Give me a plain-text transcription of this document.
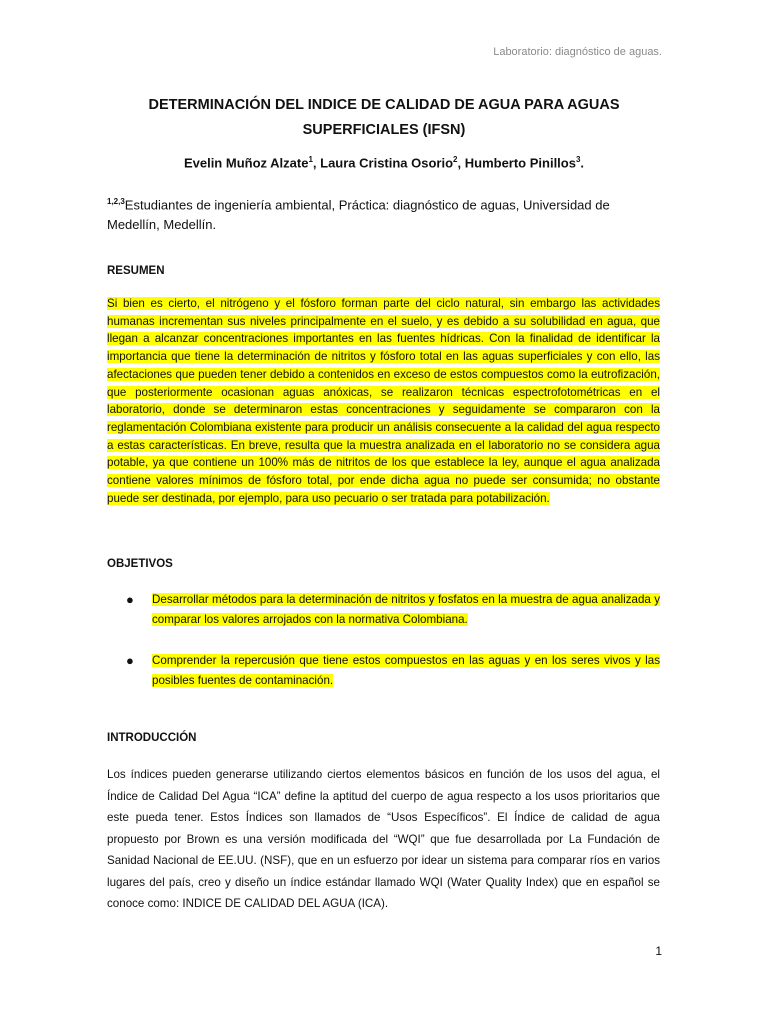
Laboratorio: diagnóstico de aguas.
DETERMINACIÓN DEL INDICE DE CALIDAD DE AGUA PARA AGUAS
SUPERFICIALES (IFSN)
Evelin Muñoz Alzate$^1$, Laura Cristina Osorio$^2$, Humberto Pinillos$^3$.
$^{1,2,3}$Estudiantes de ingeniería ambiental, Práctica: diagnóstico de aguas, Universidad de Medellín, Medellín.
RESUMEN
Si bien es cierto, el nitrógeno y el fósforo forman parte del ciclo natural, sin embargo las actividades humanas incrementan sus niveles principalmente en el suelo, y es debido a su solubilidad en agua, que llegan a alcanzar concentraciones importantes en las fuentes hídricas. Con la finalidad de identificar la importancia que tiene la determinación de nitritos y fósforo total en las aguas superficiales y con ello, las afectaciones que pueden tener debido a contenidos en exceso de estos compuestos como la eutrofización, que posteriormente ocasionan aguas anóxicas, se realizaron técnicas espectrofotométricas en el laboratorio, donde se determinaron estas concentraciones y seguidamente se compararon con la reglamentación Colombiana existente para producir un análisis consecuente a la calidad del agua respecto a estas características. En breve, resulta que la muestra analizada en el laboratorio no se considera agua potable, ya que contiene un 100% más de nitritos de los que establece la ley, aunque el agua analizada contiene valores mínimos de fósforo total, por ende dicha agua no puede ser consumida; no obstante puede ser destinada, por ejemplo, para uso pecuario o ser tratada para potabilización.
OBJETIVOS
●	Desarrollar métodos para la determinación de nitritos y fosfatos en la muestra de agua analizada y comparar los valores arrojados con la normativa Colombiana.
●	Comprender la repercusión que tiene estos compuestos en las aguas y en los seres vivos y las posibles fuentes de contaminación.
INTRODUCCIÓN
Los índices pueden generarse utilizando ciertos elementos básicos en función de los usos del agua, el Índice de Calidad Del Agua “ICA” define la aptitud del cuerpo de agua respecto a los usos prioritarios que este pueda tener. Estos Índices son llamados de “Usos Específicos”. El Índice de calidad de agua propuesto por Brown es una versión modificada del “WQI” que fue desarrollada por La Fundación de Sanidad Nacional de EE.UU. (NSF), que en un esfuerzo por idear un sistema para comparar ríos en varios lugares del país, creo y diseño un índice estándar llamado WQI (Water Quality Index) que en español se conoce como: INDICE DE CALIDAD DEL AGUA (ICA).
1
